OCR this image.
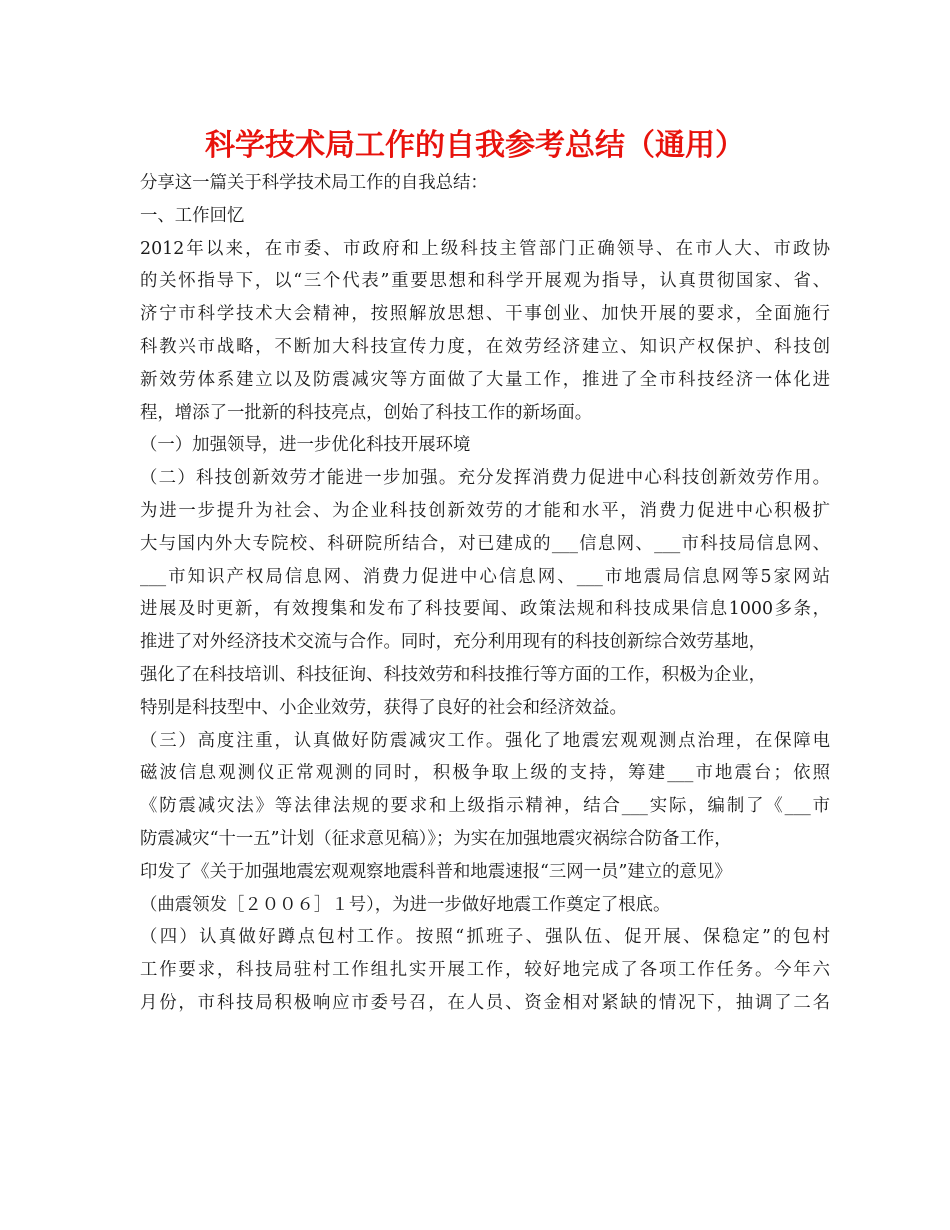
科学技术局工作的自我参考总结（通用）
分享这一篇关于科学技术局工作的自我总结：
一、工作回忆
2012年以来，在市委、市政府和上级科技主管部门正确领导、在市人大、市政协
的关怀指导下，以“三个代表”重要思想和科学开展观为指导，认真贯彻国家、省、
济宁市科学技术大会精神，按照解放思想、干事创业、加快开展的要求，全面施行
科教兴市战略，不断加大科技宣传力度，在效劳经济建立、知识产权保护、科技创
新效劳体系建立以及防震减灾等方面做了大量工作，推进了全市科技经济一体化进
程，增添了一批新的科技亮点，创始了科技工作的新场面。
（一）加强领导，进一步优化科技开展环境
（二）科技创新效劳才能进一步加强。充分发挥消费力促进中心科技创新效劳作用。
为进一步提升为社会、为企业科技创新效劳的才能和水平，消费力促进中心积极扩
大与国内外大专院校、科研院所结合，对已建成的___信息网、___市科技局信息网、
___市知识产权局信息网、消费力促进中心信息网、___市地震局信息网等5家网站
进展及时更新，有效搜集和发布了科技要闻、政策法规和科技成果信息1000多条，
推进了对外经济技术交流与合作。同时，充分利用现有的科技创新综合效劳基地，
强化了在科技培训、科技征询、科技效劳和科技推行等方面的工作，积极为企业，
特别是科技型中、小企业效劳，获得了良好的社会和经济效益。
（三）高度注重，认真做好防震减灾工作。强化了地震宏观观测点治理，在保障电
磁波信息观测仪正常观测的同时，积极争取上级的支持，筹建___市地震台；依照
《防震减灾法》等法律法规的要求和上级指示精神，结合___实际，编制了《___市
防震减灾“十一五”计划（征求意见稿）》；为实在加强地震灾祸综合防备工作，
印发了《关于加强地震宏观观察地震科普和地震速报“三网一员”建立的意见》
（曲震领发［２００６］１号），为进一步做好地震工作奠定了根底。
（四）认真做好蹲点包村工作。按照“抓班子、强队伍、促开展、保稳定”的包村
工作要求，科技局驻村工作组扎实开展工作，较好地完成了各项工作任务。今年六
月份，市科技局积极响应市委号召，在人员、资金相对紧缺的情况下，抽调了二名
